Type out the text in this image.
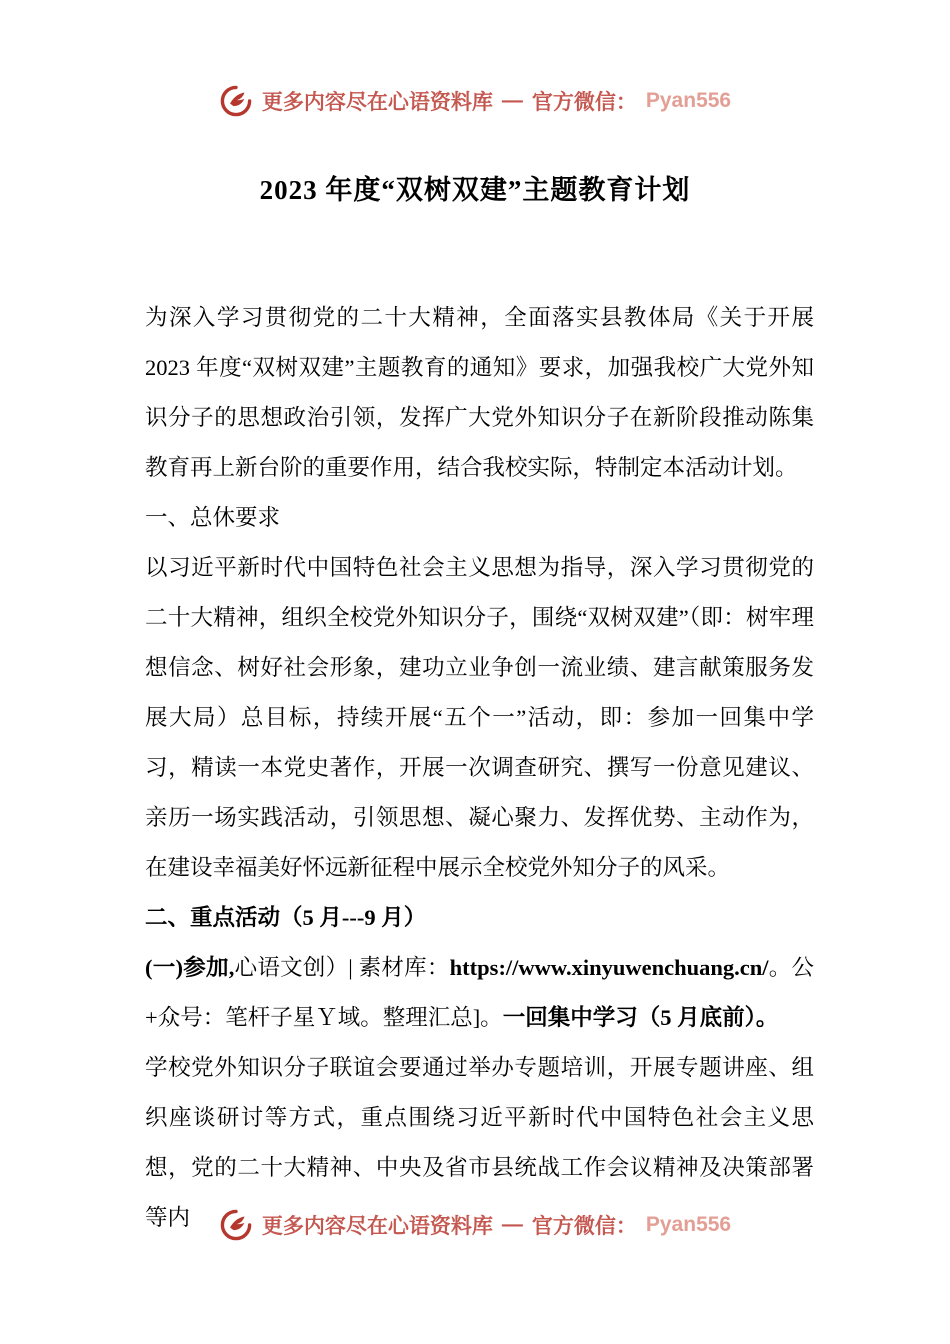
更多内容尽在心语资料库 — 官方微信： Pyan556
2023 年度“双树双建”主题教育计划

为深入学习贯彻党的二十大精神，全面落实县教体局《关于开展 2023 年度“双树双建”主题教育的通知》要求，加强我校广大党外知识分子的思想政治引领，发挥广大党外知识分子在新阶段推动陈集教育再上新台阶的重要作用，结合我校实际，特制定本活动计划。

一、总休要求

以习近平新时代中国特色社会主义思想为指导，深入学习贯彻党的二十大精神，组织全校党外知识分子，围绕“双树双建”（即：树牢理想信念、树好社会形象，建功立业争创一流业绩、建言献策服务发展大局）总目标，持续开展“五个一”活动，即：参加一回集中学习，精读一本党史著作，开展一次调查研究、撰写一份意见建议、亲历一场实践活动，引领思想、凝心聚力、发挥优势、主动作为，在建设幸福美好怀远新征程中展示全校党外知分子的风采。

二、重点活动（5 月---9 月）

(一)参加,心语文创）| 素材库：https://www.xinyuwenchuang.cn/。公+众号：笔杆子星Ｙ域。整理汇总]。一回集中学习（5 月底前）。

学校党外知识分子联谊会要通过举办专题培训，开展专题讲座、组织座谈研讨等方式，重点围绕习近平新时代中国特色社会主义思想，党的二十大精神、中央及省市县统战工作会议精神及决策部署等内	更多内容尽在心语资料库 — 官方微信： Pyan556
